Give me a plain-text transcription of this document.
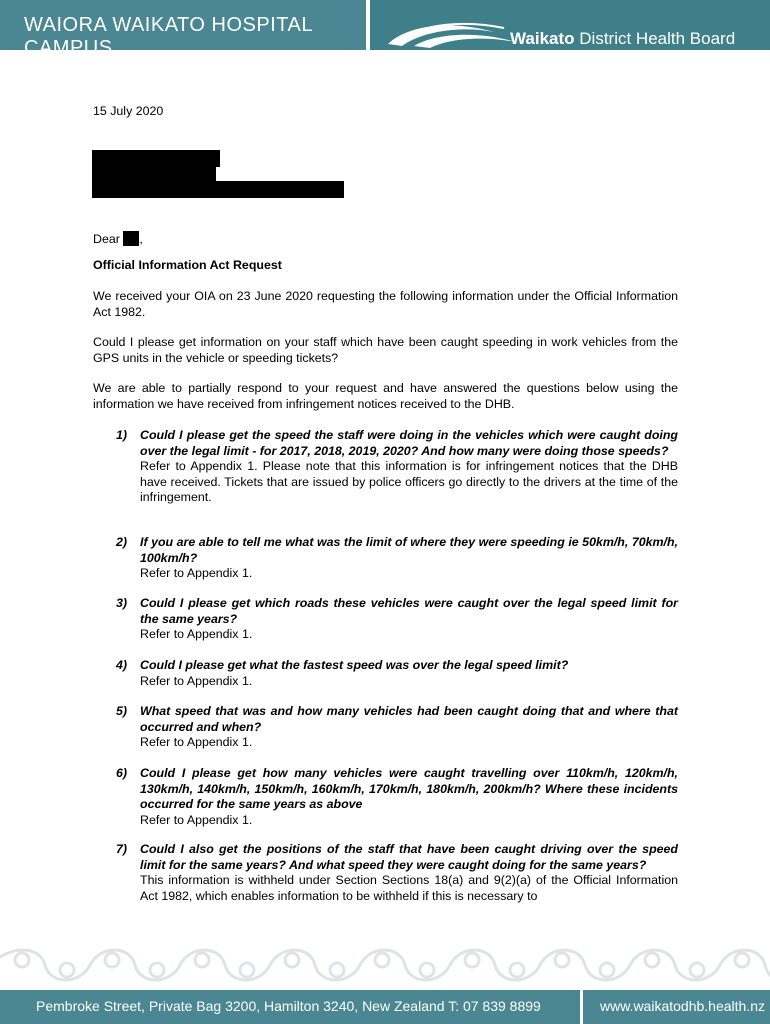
WAIORA WAIKATO HOSPITAL CAMPUS	Waikato District Health Board
15 July 2020
Dear ,
Official Information Act Request
We received your OIA on 23 June 2020 requesting the following information under the Official Information Act 1982.
Could I please get information on your staff which have been caught speeding in work vehicles from the GPS units in the vehicle or speeding tickets?
We are able to partially respond to your request and have answered the questions below using the information we have received from infringement notices received to the DHB.
1) Could I please get the speed the staff were doing in the vehicles which were caught doing over the legal limit - for 2017, 2018, 2019, 2020? And how many were doing those speeds?
Refer to Appendix 1. Please note that this information is for infringement notices that the DHB have received. Tickets that are issued by police officers go directly to the drivers at the time of the infringement.
2) If you are able to tell me what was the limit of where they were speeding ie 50km/h, 70km/h, 100km/h?
Refer to Appendix 1.
3) Could I please get which roads these vehicles were caught over the legal speed limit for the same years?
Refer to Appendix 1.
4) Could I please get what the fastest speed was over the legal speed limit?
Refer to Appendix 1.
5) What speed that was and how many vehicles had been caught doing that and where that occurred and when?
Refer to Appendix 1.
6) Could I please get how many vehicles were caught travelling over 110km/h, 120km/h, 130km/h, 140km/h, 150km/h, 160km/h, 170km/h, 180km/h, 200km/h? Where these incidents occurred for the same years as above
Refer to Appendix 1.
7) Could I also get the positions of the staff that have been caught driving over the speed limit for the same years? And what speed they were caught doing for the same years?
This information is withheld under Section Sections 18(a) and 9(2)(a) of the Official Information Act 1982, which enables information to be withheld if this is necessary to
Pembroke Street, Private Bag 3200, Hamilton 3240, New Zealand T: 07 839 8899	www.waikatodhb.health.nz
